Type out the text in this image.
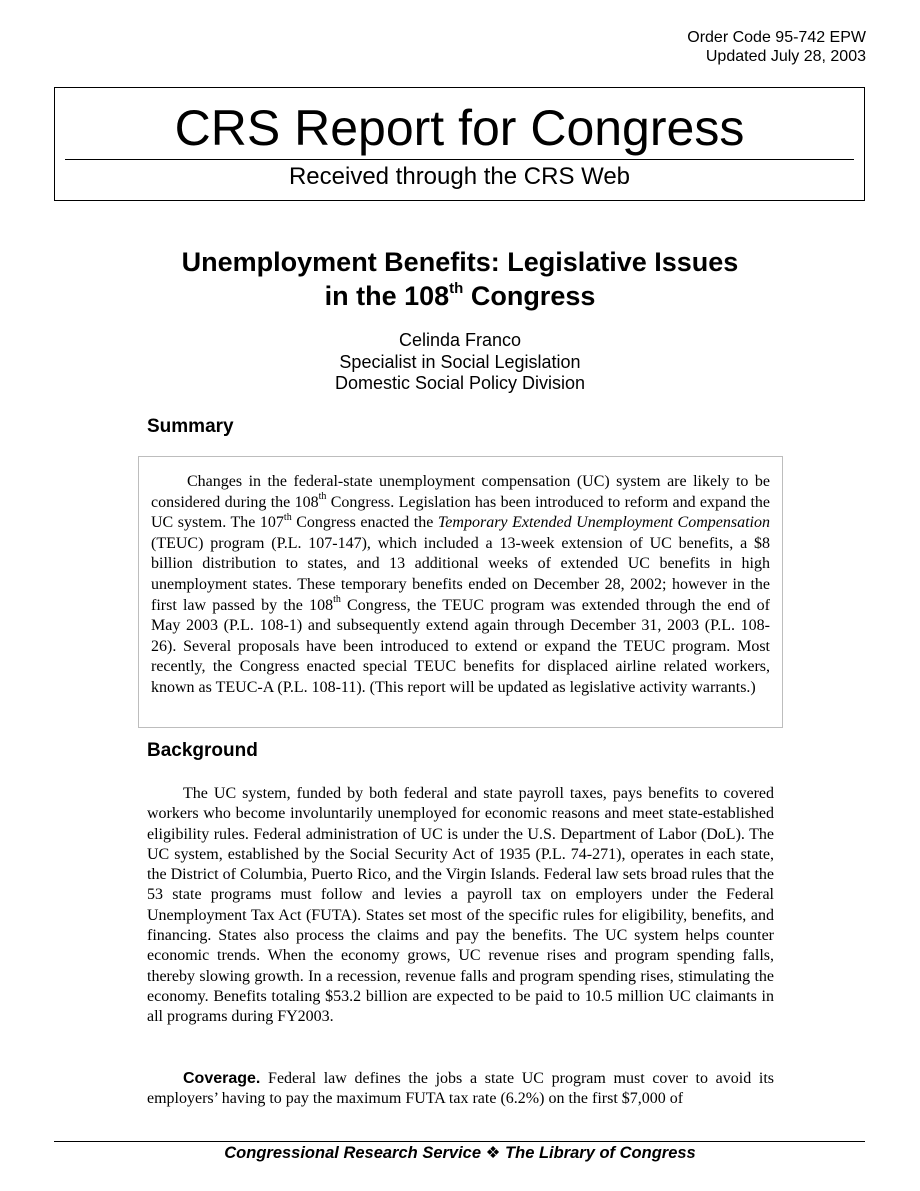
Order Code 95-742 EPW
Updated July 28, 2003
CRS Report for Congress
Received through the CRS Web
Unemployment Benefits: Legislative Issues
in the 108th Congress
Celinda Franco
Specialist in Social Legislation
Domestic Social Policy Division
Summary

Changes in the federal-state unemployment compensation (UC) system are likely to be considered during the 108th Congress. Legislation has been introduced to reform and expand the UC system. The 107th Congress enacted the Temporary Extended Unemployment Compensation (TEUC) program (P.L. 107-147), which included a 13-week extension of UC benefits, a $8 billion distribution to states, and 13 additional weeks of extended UC benefits in high unemployment states. These temporary benefits ended on December 28, 2002; however in the first law passed by the 108th Congress, the TEUC program was extended through the end of May 2003 (P.L. 108-1) and subsequently extend again through December 31, 2003 (P.L. 108-26). Several proposals have been introduced to extend or expand the TEUC program. Most recently, the Congress enacted special TEUC benefits for displaced airline related workers, known as TEUC-A (P.L. 108-11). (This report will be updated as legislative activity warrants.)

Background

The UC system, funded by both federal and state payroll taxes, pays benefits to covered workers who become involuntarily unemployed for economic reasons and meet state-established eligibility rules. Federal administration of UC is under the U.S. Department of Labor (DoL). The UC system, established by the Social Security Act of 1935 (P.L. 74-271), operates in each state, the District of Columbia, Puerto Rico, and the Virgin Islands. Federal law sets broad rules that the 53 state programs must follow and levies a payroll tax on employers under the Federal Unemployment Tax Act (FUTA). States set most of the specific rules for eligibility, benefits, and financing. States also process the claims and pay the benefits. The UC system helps counter economic trends. When the economy grows, UC revenue rises and program spending falls, thereby slowing growth. In a recession, revenue falls and program spending rises, stimulating the economy. Benefits totaling $53.2 billion are expected to be paid to 10.5 million UC claimants in all programs during FY2003.

Coverage. Federal law defines the jobs a state UC program must cover to avoid its employers’ having to pay the maximum FUTA tax rate (6.2%) on the first $7,000 of

Congressional Research Service ❖ The Library of Congress
